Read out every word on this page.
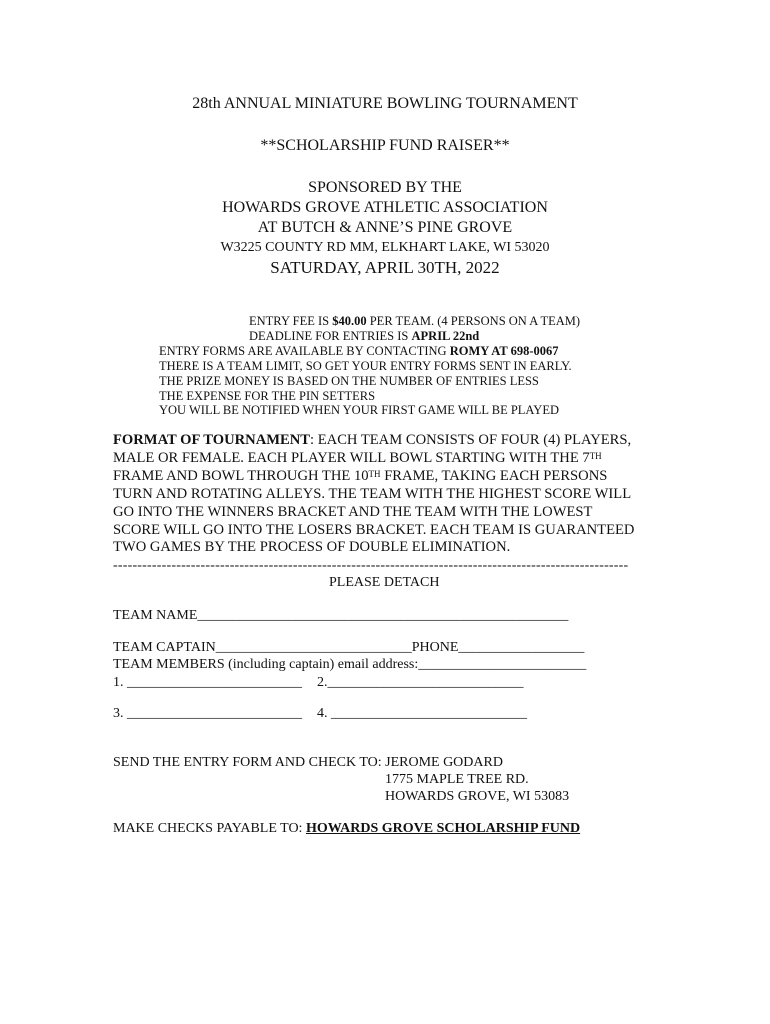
28th ANNUAL MINIATURE BOWLING TOURNAMENT
**SCHOLARSHIP FUND RAISER**
SPONSORED BY THE
HOWARDS GROVE ATHLETIC ASSOCIATION
AT BUTCH & ANNE’S PINE GROVE
W3225 COUNTY RD MM, ELKHART LAKE, WI 53020
SATURDAY, APRIL 30TH, 2022
ENTRY FEE IS $40.00 PER TEAM. (4 PERSONS ON A TEAM)
DEADLINE FOR ENTRIES IS APRIL 22nd
ENTRY FORMS ARE AVAILABLE BY CONTACTING ROMY AT 698-0067
THERE IS A TEAM LIMIT, SO GET YOUR ENTRY FORMS SENT IN EARLY.
THE PRIZE MONEY IS BASED ON THE NUMBER OF ENTRIES LESS
THE EXPENSE FOR THE PIN SETTERS
YOU WILL BE NOTIFIED WHEN YOUR FIRST GAME WILL BE PLAYED
FORMAT OF TOURNAMENT: EACH TEAM CONSISTS OF FOUR (4) PLAYERS,
MALE OR FEMALE. EACH PLAYER WILL BOWL STARTING WITH THE 7TH
FRAME AND BOWL THROUGH THE 10TH FRAME, TAKING EACH PERSONS
TURN AND ROTATING ALLEYS. THE TEAM WITH THE HIGHEST SCORE WILL
GO INTO THE WINNERS BRACKET AND THE TEAM WITH THE LOWEST
SCORE WILL GO INTO THE LOSERS BRACKET. EACH TEAM IS GUARANTEED
TWO GAMES BY THE PROCESS OF DOUBLE ELIMINATION.
----------------------------------------------------------------------------------------------------------
PLEASE DETACH
TEAM NAME_____________________________________________________
TEAM CAPTAIN____________________________PHONE__________________
TEAM MEMBERS (including captain) email address:________________________
1. _________________________ 2.____________________________
3. _________________________ 4. ____________________________
SEND THE ENTRY FORM AND CHECK TO: JEROME GODARD
1775 MAPLE TREE RD.
HOWARDS GROVE, WI 53083
MAKE CHECKS PAYABLE TO: HOWARDS GROVE SCHOLARSHIP FUND
